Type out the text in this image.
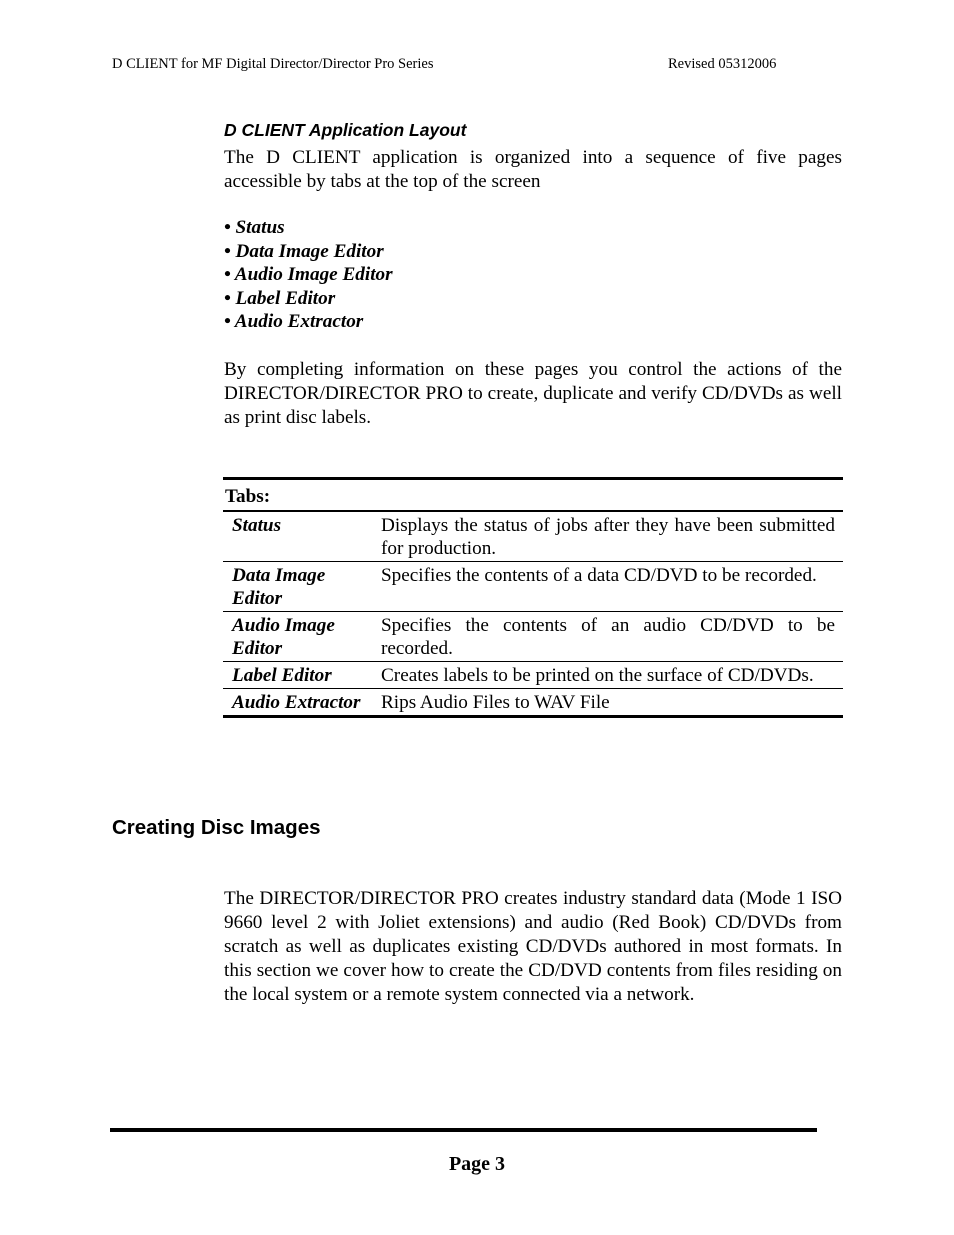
D CLIENT for MF Digital Director/Director Pro Series	Revised 05312006
D CLIENT Application Layout
The D CLIENT application is organized into a sequence of five pages accessible by tabs at the top of the screen
• Status
• Data Image Editor
• Audio Image Editor
• Label Editor
• Audio Extractor
By completing information on these pages you control the actions of the DIRECTOR/DIRECTOR PRO to create, duplicate and verify CD/DVDs as well as print disc labels.
Tabs:	
Status	Displays the status of jobs after they have been submitted for production.
Data Image Editor	Specifies the contents of a data CD/DVD to be recorded.
Audio Image Editor	Specifies the contents of an audio CD/DVD to be recorded.
Label Editor	Creates labels to be printed on the surface of CD/DVDs.
Audio Extractor	Rips Audio Files to WAV File
Creating Disc Images
The DIRECTOR/DIRECTOR PRO creates industry standard data (Mode 1 ISO 9660 level 2 with Joliet extensions) and audio (Red Book) CD/DVDs from scratch as well as duplicates existing CD/DVDs authored in most formats. In this section we cover how to create the CD/DVD contents from files residing on the local system or a remote system connected via a network.
Page 3
